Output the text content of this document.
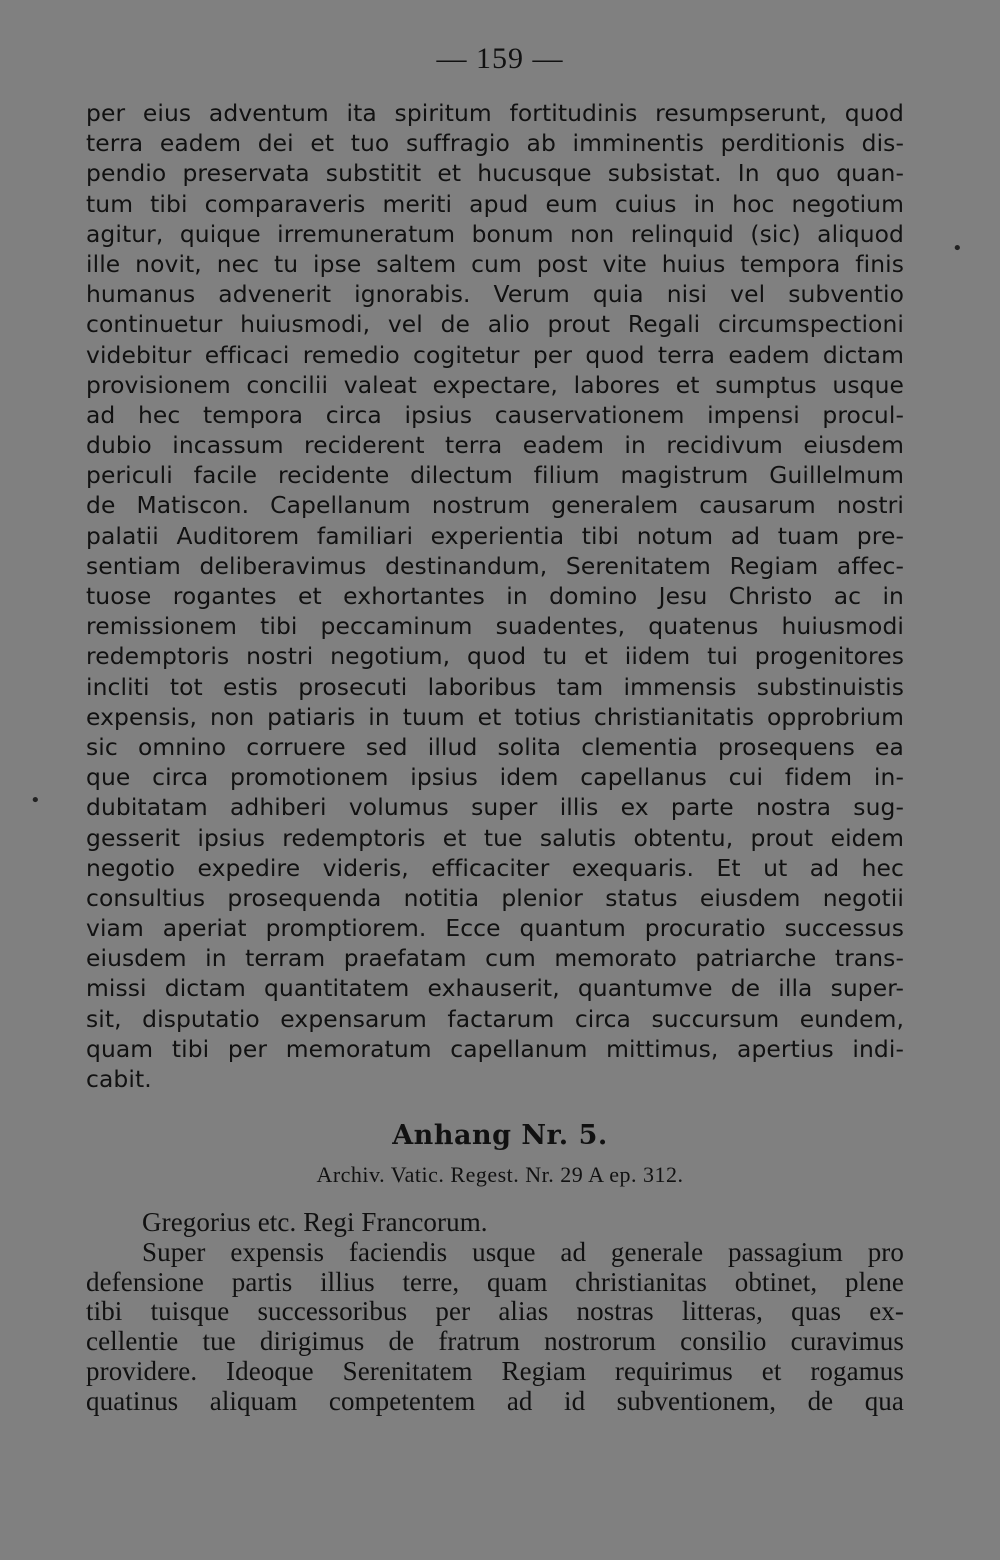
— 159 —
per eius adventum ita spiritum fortitudinis resumpserunt, quod
terra eadem dei et tuo suffragio ab imminentis perditionis dis-
pendio preservata substitit et hucusque subsistat. In quo quan-
tum tibi comparaveris meriti apud eum cuius in hoc negotium
agitur, quique irremuneratum bonum non relinquid (sic) aliquod
ille novit, nec tu ipse saltem cum post vite huius tempora finis
humanus advenerit ignorabis. Verum quia nisi vel subventio
continuetur huiusmodi, vel de alio prout Regali circumspectioni
videbitur efficaci remedio cogitetur per quod terra eadem dictam
provisionem concilii valeat expectare, labores et sumptus usque
ad hec tempora circa ipsius causervationem impensi procul-
dubio incassum reciderent terra eadem in recidivum eiusdem
periculi facile recidente dilectum filium magistrum Guillelmum
de Matiscon. Capellanum nostrum generalem causarum nostri
palatii Auditorem familiari experientia tibi notum ad tuam pre-
sentiam deliberavimus destinandum, Serenitatem Regiam affec-
tuose rogantes et exhortantes in domino Jesu Christo ac in
remissionem tibi peccaminum suadentes, quatenus huiusmodi
redemptoris nostri negotium, quod tu et iidem tui progenitores
incliti tot estis prosecuti laboribus tam immensis substinuistis
expensis, non patiaris in tuum et totius christianitatis opprobrium
sic omnino corruere sed illud solita clementia prosequens ea
que circa promotionem ipsius idem capellanus cui fidem in-
dubitatam adhiberi volumus super illis ex parte nostra sug-
gesserit ipsius redemptoris et tue salutis obtentu, prout eidem
negotio expedire videris, efficaciter exequaris. Et ut ad hec
consultius prosequenda notitia plenior status eiusdem negotii
viam aperiat promptiorem. Ecce quantum procuratio successus
eiusdem in terram praefatam cum memorato patriarche trans-
missi dictam quantitatem exhauserit, quantumve de illa super-
sit, disputatio expensarum factarum circa succursum eundem,
quam tibi per memoratum capellanum mittimus, apertius indi-
cabit.
Anhang Nr. 5.
Archiv. Vatic. Regest. Nr. 29 A ep. 312.
Gregorius etc. Regi Francorum.
Super expensis faciendis usque ad generale passagium pro
defensione partis illius terre, quam christianitas obtinet, plene
tibi tuisque successoribus per alias nostras litteras, quas ex-
cellentie tue dirigimus de fratrum nostrorum consilio curavimus
providere. Ideoque Serenitatem Regiam requirimus et rogamus
quatinus aliquam competentem ad id subventionem, de qua
•
•
